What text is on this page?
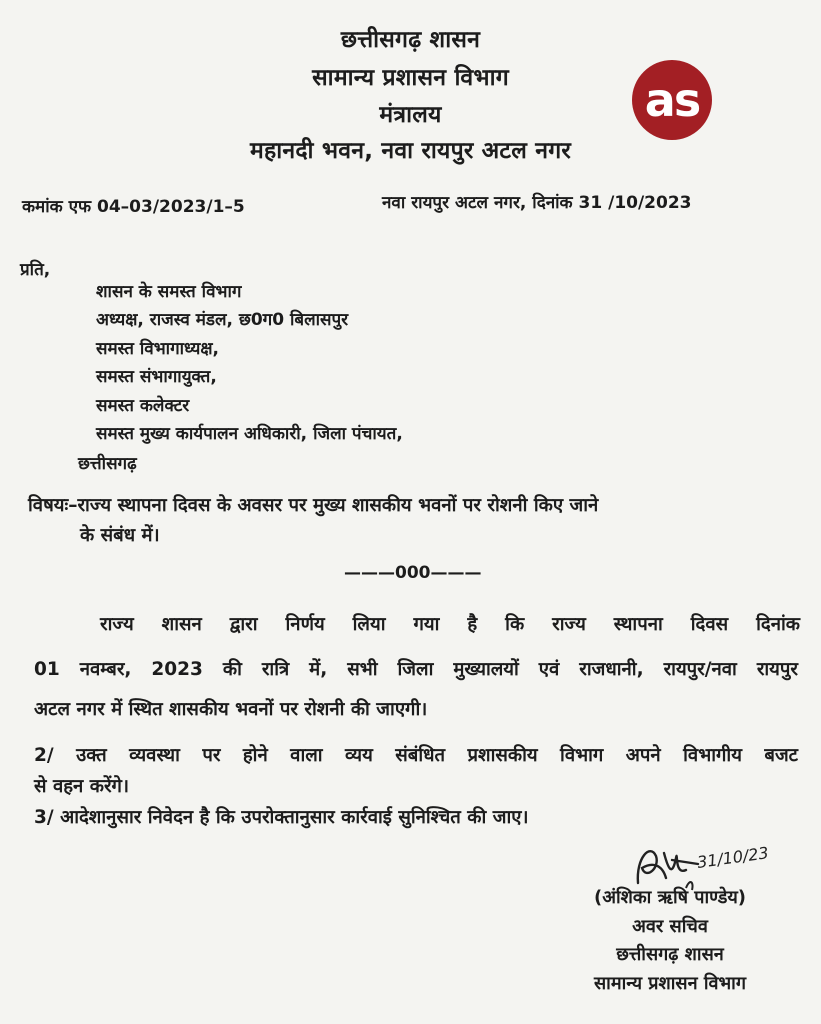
छत्तीसगढ़ शासन
सामान्य प्रशासन विभाग
मंत्रालय
महानदी भवन, नवा रायपुर अटल नगर
as
कमांक एफ 04–03/2023/1–5	नवा रायपुर अटल नगर, दिनांक 31 /10/2023
प्रति,
शासन के समस्त विभाग
अध्यक्ष, राजस्व मंडल, छ0ग0 बिलासपुर
समस्त विभागाध्यक्ष,
समस्त संभागायुक्त,
समस्त कलेक्टर
समस्त मुख्य कार्यपालन अधिकारी, जिला पंचायत,
छत्तीसगढ़
विषयः–राज्य स्थापना दिवस के अवसर पर मुख्य शासकीय भवनों पर रोशनी किए जाने
के संबंध में।
———000———
राज्य शासन द्वारा निर्णय लिया गया है कि राज्य स्थापना दिवस दिनांक
01 नवम्बर, 2023 की रात्रि में, सभी जिला मुख्यालयों एवं राजधानी, रायपुर/नवा रायपुर
अटल नगर में स्थित शासकीय भवनों पर रोशनी की जाएगी।
2/ उक्त व्यवस्था पर होने वाला व्यय संबंधित प्रशासकीय विभाग अपने विभागीय बजट
से वहन करेंगे।
3/ आदेशानुसार निवेदन है कि उपरोक्तानुसार कार्रवाई सुनिश्चित की जाए।
31/10/23
(अंशिका ऋषि पाण्डेय)
अवर सचिव
छत्तीसगढ़ शासन
सामान्य प्रशासन विभाग
